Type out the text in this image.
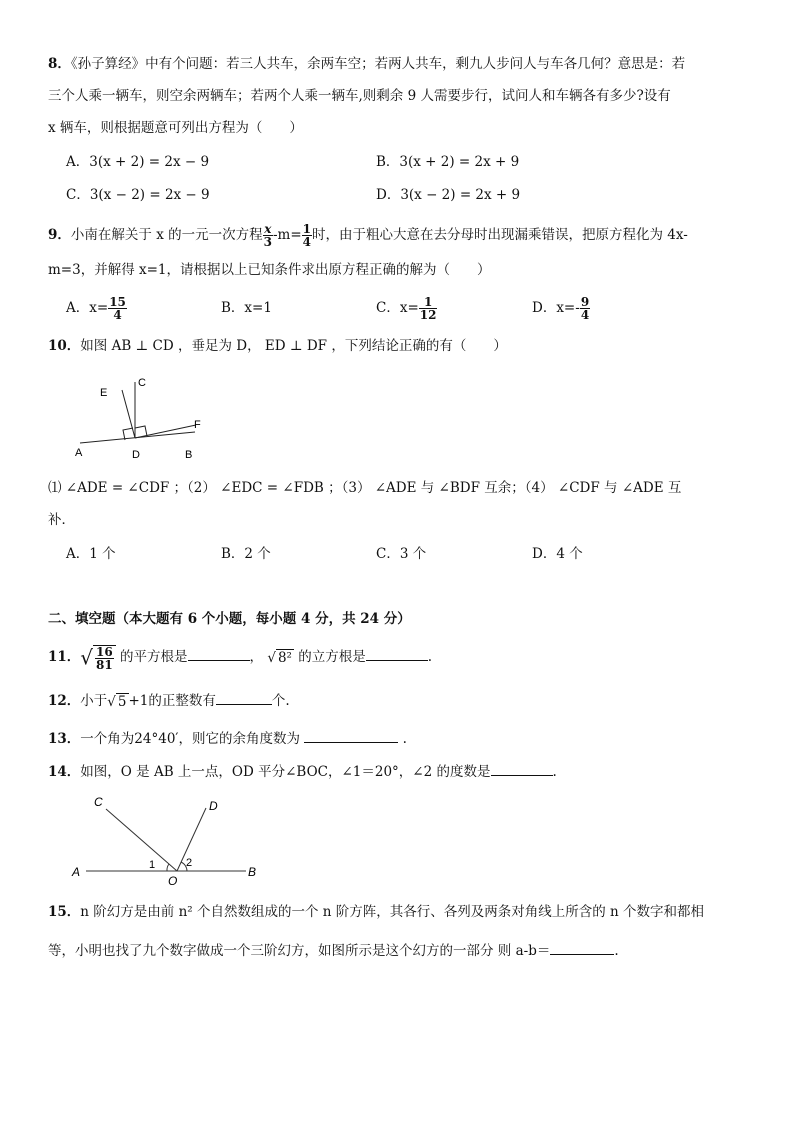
8．《孙子算经》中有个问题：若三人共车，余两车空；若两人共车，剩九人步问人与车各几何？意思是：若
三个人乘一辆车，则空余两辆车；若两个人乘一辆车,则剩余 9 人需要步行，试问人和车辆各有多少?设有
x 辆车，则根据题意可列出方程为（　　）
A．3(x + 2) = 2x − 9	B．3(x + 2) = 2x + 9
C．3(x − 2) = 2x − 9	D．3(x − 2) = 2x + 9
9．小南在解关于 x 的一元一次方程 $\frac{x}{3} -m= \frac{1}{4}$ 时，由于粗心大意在去分母时出现漏乘错误，把原方程化为 4x-
m=3，并解得 x=1，请根据以上已知条件求出原方程正确的解为（　　）
A．$x= \frac{15}{4}$	B．x=1	C．$x= \frac{1}{12}$	D．$x=- \frac{9}{4}$
10．如图 AB ⊥ CD ，垂足为 D， ED ⊥ DF ，下列结论正确的有（　　）
E
C
F
A	D	B
⑴ ∠ADE = ∠CDF ；（2） ∠EDC = ∠FDB ；（3） ∠ADE 与 ∠BDF 互余；（4） ∠CDF 与 ∠ADE 互
补．
A．1 个	B．2 个	C．3 个	D．4 个
二、填空题（本大题有 6 个小题，每小题 4 分，共 24 分）
11．√ $\frac{16}{81}$ 的平方根是	， √ 8² 的立方根是	.
12．小于√ 5 +1的正整数有	个.
13．一个角为24°40′，则它的余角度数为	.
14．如图，O 是 AB 上一点，OD 平分∠BOC，∠1＝20°，∠2 的度数是	.
C	D
A
O
B
1	2
15．n 阶幻方是由前 n² 个自然数组成的一个 n 阶方阵，其各行、各列及两条对角线上所含的 n 个数字和都相
等，小明也找了九个数字做成一个三阶幻方，如图所示是这个幻方的一部分 则 a-b＝	.
